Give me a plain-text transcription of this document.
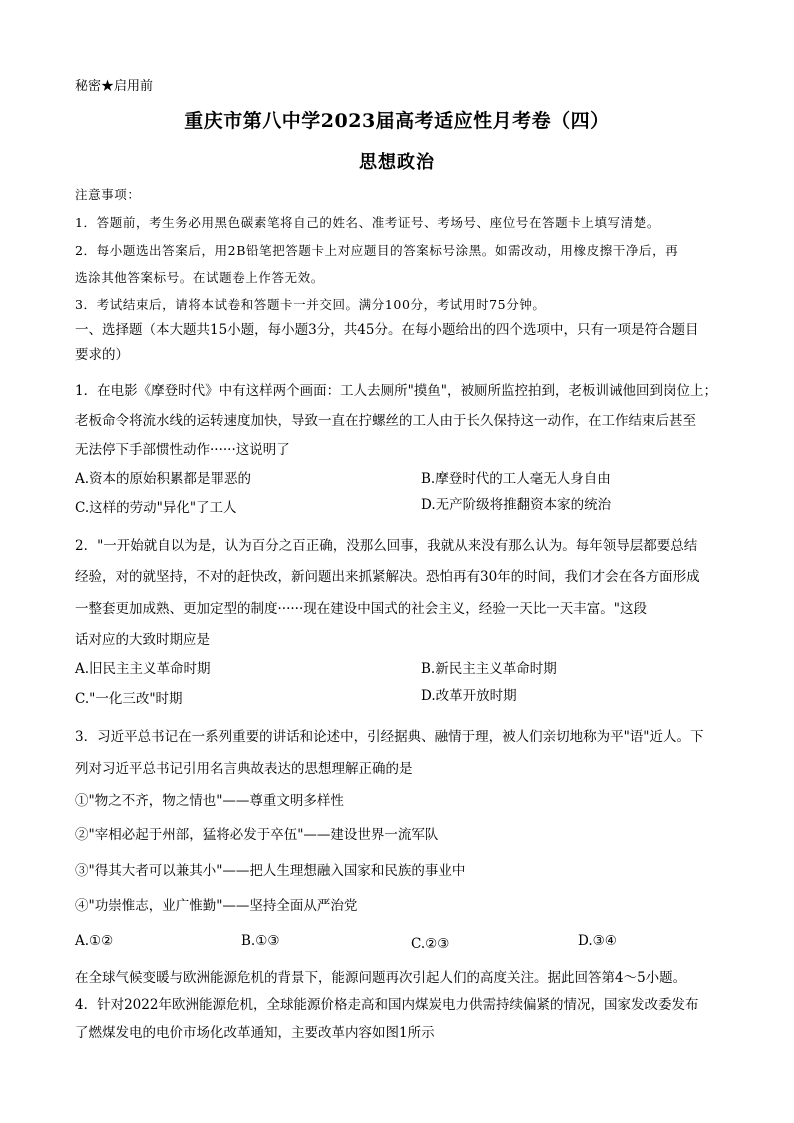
秘密★启用前
重庆市第八中学2023届高考适应性月考卷（四）
思想政治
注意事项：
1．答题前，考生务必用黑色碳素笔将自己的姓名、准考证号、考场号、座位号在答题卡上填写清楚。
2．每小题选出答案后，用2B铅笔把答题卡上对应题目的答案标号涂黑。如需改动，用橡皮擦干净后，再
选涂其他答案标号。在试题卷上作答无效。
3．考试结束后，请将本试卷和答题卡一并交回。满分100分，考试用时75分钟。
一、选择题（本大题共15小题，每小题3分，共45分。在每小题给出的四个选项中，只有一项是符合题目
要求的）
1．在电影《摩登时代》中有这样两个画面：工人去厕所"摸鱼"，被厕所监控拍到，老板训诫他回到岗位上；
老板命令将流水线的运转速度加快，导致一直在拧螺丝的工人由于长久保持这一动作，在工作结束后甚至
无法停下手部惯性动作······这说明了
A.资本的原始积累都是罪恶的	B.摩登时代的工人毫无人身自由
C.这样的劳动"异化"了工人	D.无产阶级将推翻资本家的统治
2．"一开始就自以为是，认为百分之百正确，没那么回事，我就从来没有那么认为。每年领导层都要总结
经验，对的就坚持，不对的赶快改，新问题出来抓紧解决。恐怕再有30年的时间，我们才会在各方面形成
一整套更加成熟、更加定型的制度······现在建设中国式的社会主义，经验一天比一天丰富。"这段
话对应的大致时期应是
A.旧民主主义革命时期	B.新民主主义革命时期
C."一化三改"时期	D.改革开放时期
3．习近平总书记在一系列重要的讲话和论述中，引经据典、融情于理，被人们亲切地称为平"语"近人。下
列对习近平总书记引用名言典故表达的思想理解正确的是
①"物之不齐，物之情也"——尊重文明多样性
②"宰相必起于州部，猛将必发于卒伍"——建设世界一流军队
③"得其大者可以兼其小"——把人生理想融入国家和民族的事业中
④"功崇惟志，业广惟勤"——坚持全面从严治党
A.①②	B.①③	C.②③	D.③④
在全球气候变暖与欧洲能源危机的背景下，能源问题再次引起人们的高度关注。据此回答第4～5小题。
4．针对2022年欧洲能源危机，全球能源价格走高和国内煤炭电力供需持续偏紧的情况，国家发改委发布
了燃煤发电的电价市场化改革通知，主要改革内容如图1所示
